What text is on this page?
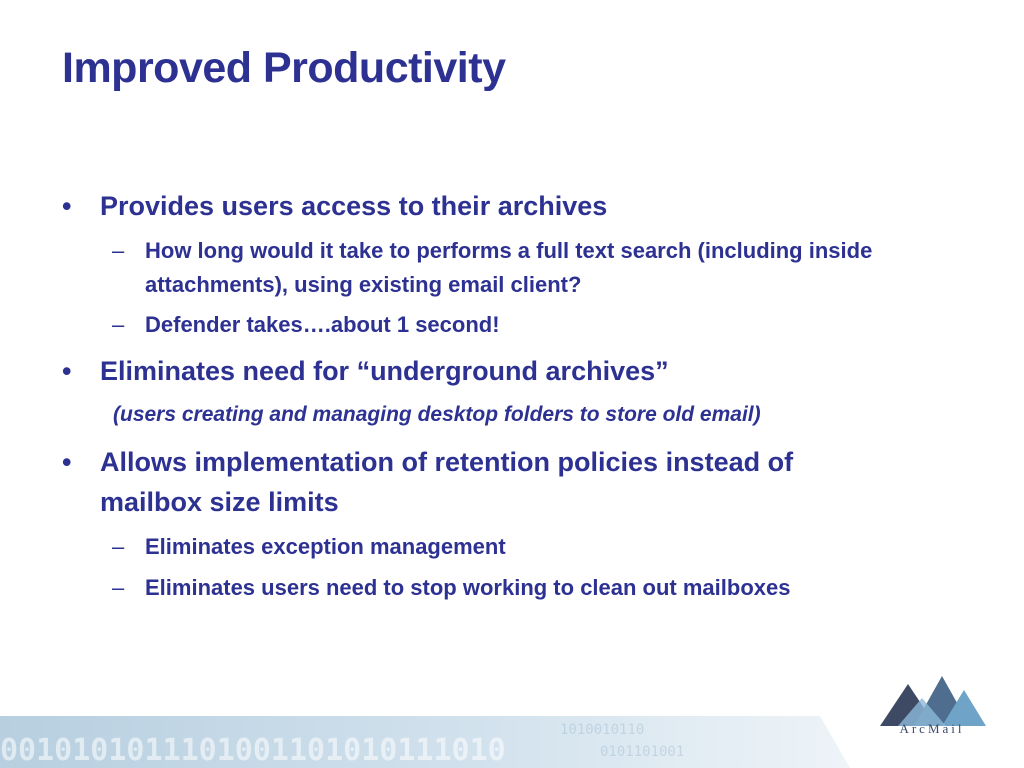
Improved Productivity
•	Provides users access to their archives
– How long would it take to performs a full text search (including inside attachments), using existing email client?
– Defender takes….about 1 second!
•	Eliminates need for “underground archives”
(users creating and managing desktop folders to store old email)
•	Allows implementation of retention policies instead of mailbox size limits
– Eliminates exception management
– Eliminates users need to stop working to clean out mailboxes
0010101011101001101010111010
1010010110
0101101001
ArcMail
